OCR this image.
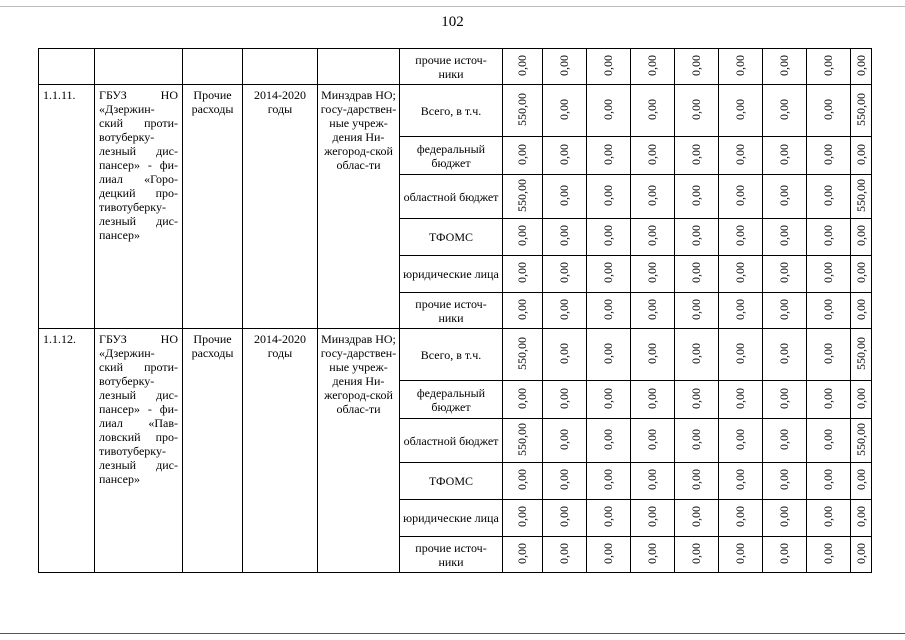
102
					прочие источ-ники	0,00	0,00	0,00	0,00	0,00	0,00	0,00	0,00	0,00
1.1.11.	ГБУЗ НО «Дзержин-ский проти-вотуберку-лезный дис-пансер» - фи-лиал «Горо-децкий про-тивотуберку-лезный дис-пансер»	Прочие расходы	2014-2020 годы	Минздрав НО; госу-дарствен-ные учреж-дения Ни-жегород-ской облас-ти	Всего, в т.ч.	550,00	0,00	0,00	0,00	0,00	0,00	0,00	0,00	550,00
					федеральный бюджет	0,00	0,00	0,00	0,00	0,00	0,00	0,00	0,00	0,00
					областной бюджет	550,00	0,00	0,00	0,00	0,00	0,00	0,00	0,00	550,00
					ТФОМС	0,00	0,00	0,00	0,00	0,00	0,00	0,00	0,00	0,00
					юридические лица	0,00	0,00	0,00	0,00	0,00	0,00	0,00	0,00	0,00
					прочие источ-ники	0,00	0,00	0,00	0,00	0,00	0,00	0,00	0,00	0,00
1.1.12.	ГБУЗ НО «Дзержин-ский проти-вотуберку-лезный дис-пансер» - фи-лиал «Пав-ловский про-тивотуберку-лезный дис-пансер»	Прочие расходы	2014-2020 годы	Минздрав НО; госу-дарствен-ные учреж-дения Ни-жегород-ской облас-ти	Всего, в т.ч.	550,00	0,00	0,00	0,00	0,00	0,00	0,00	0,00	550,00
					федеральный бюджет	0,00	0,00	0,00	0,00	0,00	0,00	0,00	0,00	0,00
					областной бюджет	550,00	0,00	0,00	0,00	0,00	0,00	0,00	0,00	550,00
					ТФОМС	0,00	0,00	0,00	0,00	0,00	0,00	0,00	0,00	0,00
					юридические лица	0,00	0,00	0,00	0,00	0,00	0,00	0,00	0,00	0,00
					прочие источ-ники	0,00	0,00	0,00	0,00	0,00	0,00	0,00	0,00	0,00
